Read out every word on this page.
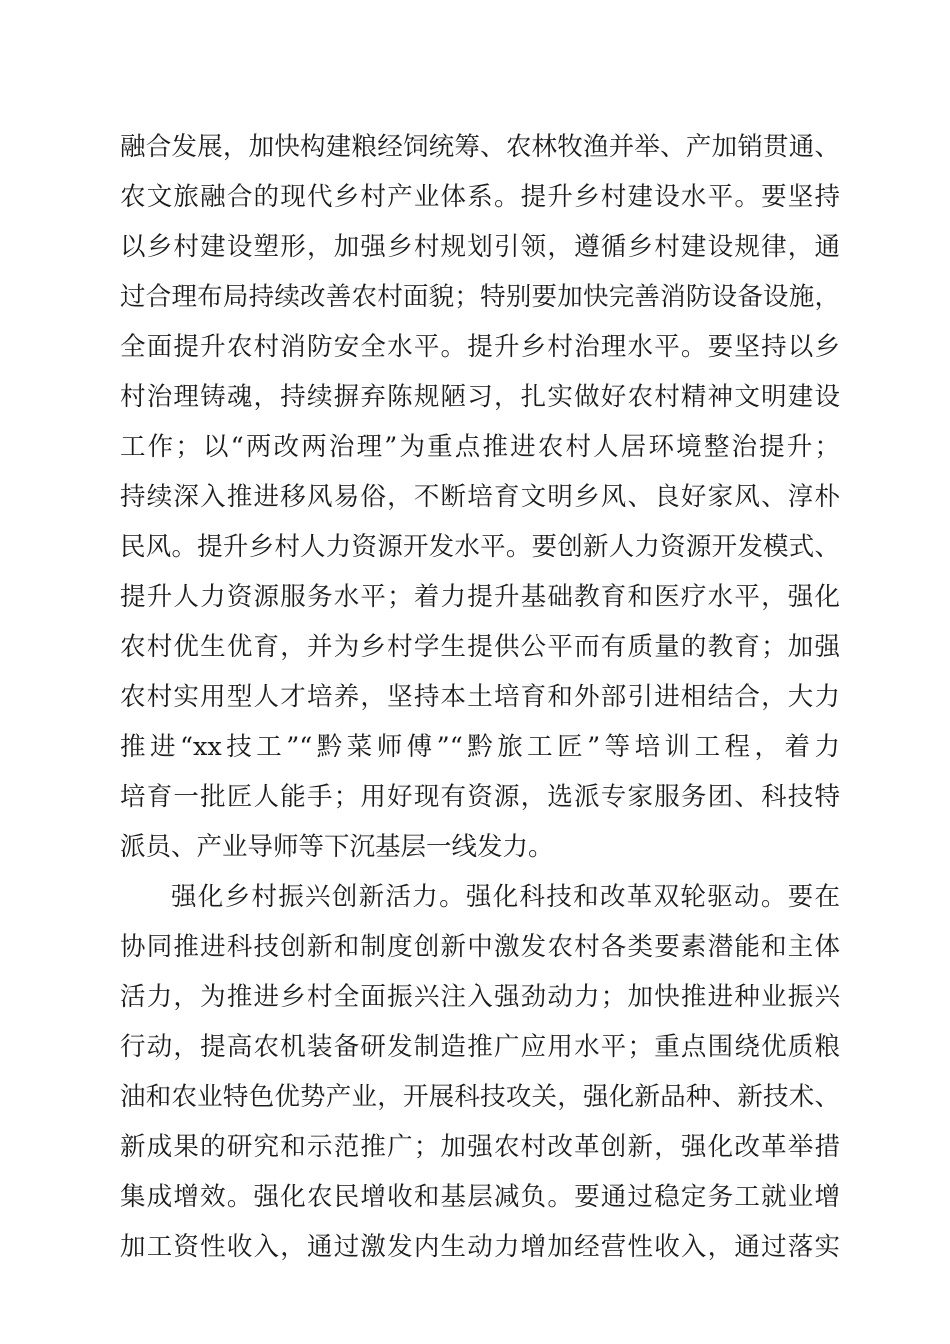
融合发展，加快构建粮经饲统筹、农林牧渔并举、产加销贯通、
农文旅融合的现代乡村产业体系。提升乡村建设水平。要坚持
以乡村建设塑形，加强乡村规划引领，遵循乡村建设规律，通
过合理布局持续改善农村面貌；特别要加快完善消防设备设施，
全面提升农村消防安全水平。提升乡村治理水平。要坚持以乡
村治理铸魂，持续摒弃陈规陋习，扎实做好农村精神文明建设
工作；以“两改两治理”为重点推进农村人居环境整治提升；
持续深入推进移风易俗，不断培育文明乡风、良好家风、淳朴
民风。提升乡村人力资源开发水平。要创新人力资源开发模式、
提升人力资源服务水平；着力提升基础教育和医疗水平，强化
农村优生优育，并为乡村学生提供公平而有质量的教育；加强
农村实用型人才培养，坚持本土培育和外部引进相结合，大力
推进“xx技工”“黔菜师傅”“黔旅工匠”等培训工程，着力
培育一批匠人能手；用好现有资源，选派专家服务团、科技特
派员、产业导师等下沉基层一线发力。
强化乡村振兴创新活力。强化科技和改革双轮驱动。要在
协同推进科技创新和制度创新中激发农村各类要素潜能和主体
活力，为推进乡村全面振兴注入强劲动力；加快推进种业振兴
行动，提高农机装备研发制造推广应用水平；重点围绕优质粮
油和农业特色优势产业，开展科技攻关，强化新品种、新技术、
新成果的研究和示范推广；加强农村改革创新，强化改革举措
集成增效。强化农民增收和基层减负。要通过稳定务工就业增
加工资性收入，通过激发内生动力增加经营性收入，通过落实
